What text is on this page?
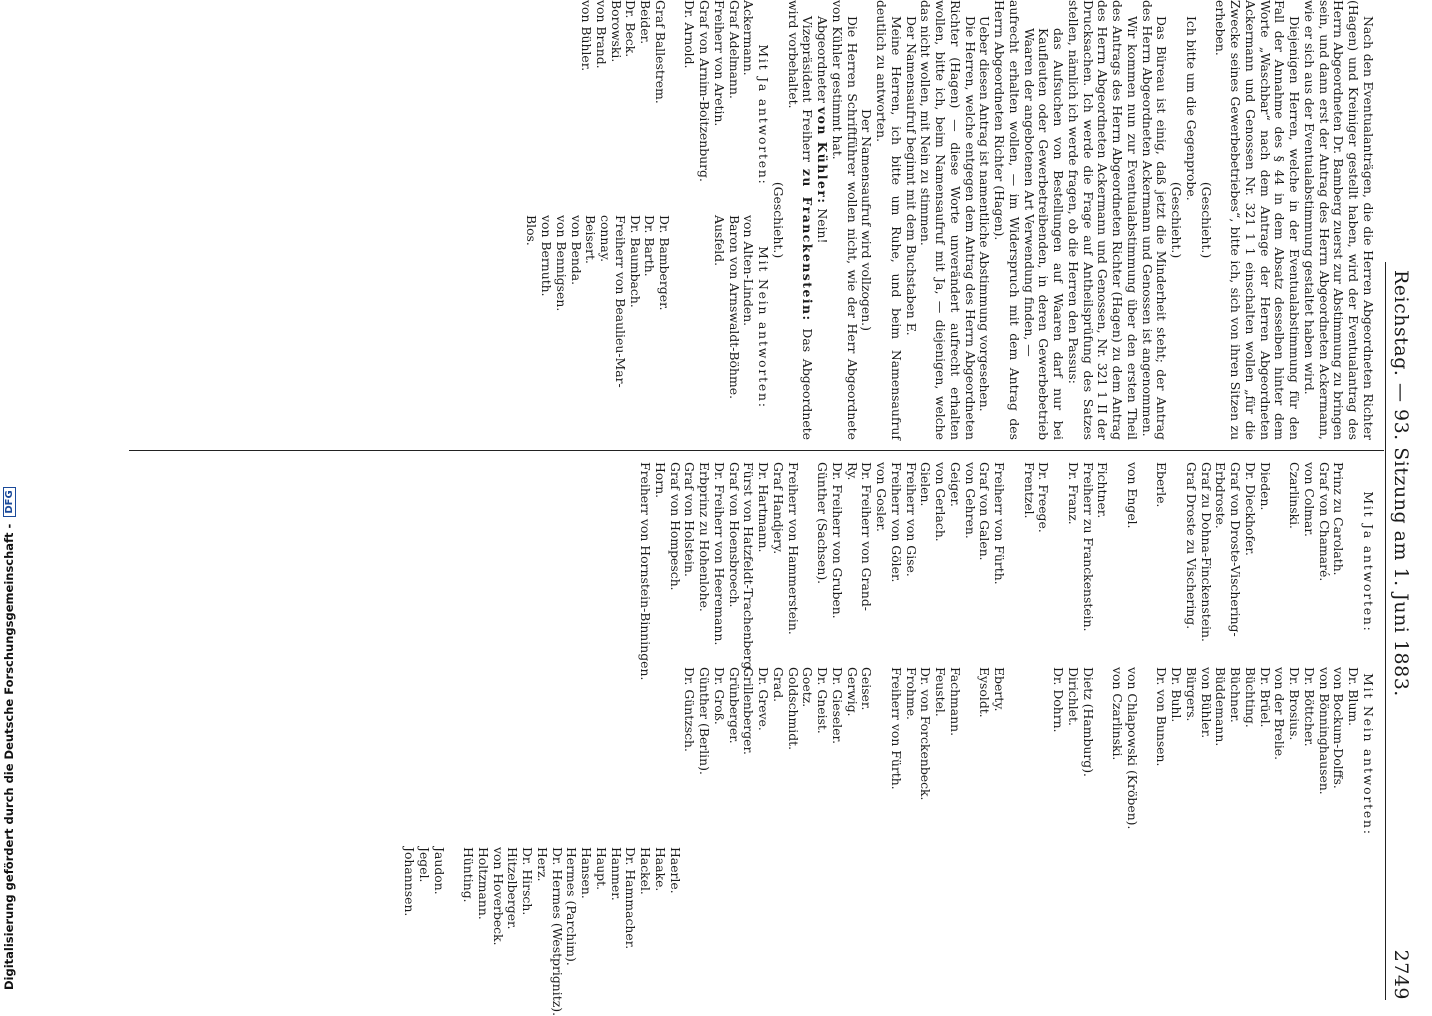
Reichstag. — 93. Sitzung am 1. Juni 1883.
2749

Nach den Eventualanträgen, die die Herren Abgeordneten Richter (Hagen) und Kreiniger gestellt haben, wird der Eventualantrag des Herrn Abgeordneten Dr. Bamberg zuerst zur Abstimmung zu bringen sein, und dann erst der Antrag des Herrn Abgeordneten Ackermann, wie er sich aus der Eventualabstimmung gestaltet haben wird.

Diejenigen Herren, welche in der Eventualabstimmung für den Fall der Annahme des § 44 in dem Absatz desselben hinter dem Worte „Waschbar“ nach dem Antrage der Herren Abgeordneten Ackermann und Genossen Nr. 321 1 1 einschalten wollen „für die Zwecke seines Gewerbebetriebes“, bitte ich, sich von ihren Sitzen zu erheben.

(Geschieht.)

Ich bitte um die Gegenprobe.

(Geschieht.)

Das Büreau ist einig, daß jetzt die Minderheit steht; der Antrag des Herrn Abgeordneten Ackermann und Genossen ist angenommen.

Wir kommen nun zur Eventualabstimmung über den ersten Theil des Antrags des Herrn Abgeordneten Richter (Hagen) zu dem Antrag des Herrn Abgeordneten Ackermann und Genossen, Nr. 321 1 II der Drucksachen. Ich werde die Frage auf Antheilsprüfung des Satzes stellen, nämlich ich werde fragen, ob die Herren den Passus:

das Aufsuchen von Bestellungen auf Waaren darf nur bei Kaufleuten oder Gewerbetreibenden, in deren Gewerbebetrieb Waaren der angebotenen Art Verwendung finden, —

aufrecht erhalten wollen, — im Widerspruch mit dem Antrag des Herrn Abgeordneten Richter (Hagen).

Ueber diesen Antrag ist namentliche Abstimmung vorgesehen.

Die Herren, welche entgegen dem Antrag des Herrn Abgeordneten Richter (Hagen) — diese Worte unverändert aufrecht erhalten wollen, bitte ich, beim Namensaufruf mit Ja, — diejenigen, welche das nicht wollen, mit Nein zu stimmen.

Der Namensaufruf beginnt mit dem Buchstaben E.

Meine Herren, ich bitte um Ruhe, und beim Namensaufruf deutlich zu antworten.

Der Namensaufruf wird vollzogen.)

Die Herren Schriftführer wollen nicht, wie der Herr Abgeordnete von Kühler gestimmt hat.

Abgeordneter von Kühler: Nein!

Vizepräsident Freiherr zu Franckenstein: Das Abgeordnete wird vorbehaltet.

(Geschieht.)

Mit Ja antworten:
Ackermann.
Graf Adelmann.
Freiherr von Aretin.
Graf von Arnim-Boitzenburg.
Dr. Arnold.
Graf Ballestrem.
Beider.
Dr. Beck.
Borowski.
von Brand.
von Bühler.
Mit Nein antworten:
von Alten-Linden.
Baron von Arnswaldt-Böhme.
Ausfeld.
Dr. Bamberger.
Dr. Barth.
Dr. Baumbach.
Freiherr von Beaulieu-Mar-
connay.
Beisert.
von Benda.
von Bennigsen.
von Bernuth.
Blos.
Mit Ja antworten:
Prinz zu Carolath.
Graf von Chamaré.
von Colmar.
Czarlinski.
Dieden.
Dr. Dieckhofer.
Graf von Droste-Vischering-
Erbdroste.
Graf zu Dohna-Finckenstein.
Graf Droste zu Vischering.
Eberle.
von Engel.
Fichtner.
Freiherr zu Franckenstein.
Dr. Franz.
Dr. Freege.
Frentzel.
Freiherr von Fürth.
Graf von Galen.
von Gehren.
Geiger.
von Gerlach.
Gielen.
Freiherr von Gise.
Freiherr von Göler.
von Gosler.
Dr. Freiherr von Grand-
Ry.
Dr. Freiherr von Gruben.
Günther (Sachsen).
Freiherr von Hammerstein.
Graf Handjery.
Dr. Hartmann.
Fürst von Hatzfeldt-Trachenberg.
Graf von Hoensbroech.
Dr. Freiherr von Heeremann.
Erbprinz zu Hohenlohe.
Graf von Holstein.
Graf von Hompesch.
Horn.
Freiherr von Hornstein-Binningen.
Mit Nein antworten:
Dr. Blum.
von Bockum-Dolffs.
von Bönninghausen.
Dr. Böttcher.
Dr. Brosius.
von der Brelie.
Dr. Brüel.
Büchting.
Büchner.
Büddemann.
von Bühler.
Bürgers.
Dr. Buhl.
Dr. von Bunsen.
von Chlapowski (Kröben).
von Czarlinski.
Dietz (Hamburg).
Dirichlet.
Dr. Dohrn.
Eberty.
Eysoldt.
Fachmann.
Feustel.
Dr. von Forckenbeck.
Frohme.
Freiherr von Fürth.
Geiser.
Gerwig.
Dr. Gieseler.
Dr. Gneist.
Goetz.
Goldschmidt.
Grad.
Dr. Greve.
Grillenberger.
Grünberger.
Dr. Groß.
Günther (Berlin).
Dr. Güntzsch.
Haerle.
Haake.
Hackel.
Dr. Hammacher.
Hanmer.
Haupt.
Hansen.
Hermes (Parchim).
Dr. Hermes (Westprignitz).
Herz.
Dr. Hirsch.
Hitzelberger.
von Hoverbeck.
Holtzmann.
Hünting.
Jaudon.
Jegel.
Johannsen.
Digitalisierung gefördert durch die Deutsche Forschungsgemeinschaft - DFG
